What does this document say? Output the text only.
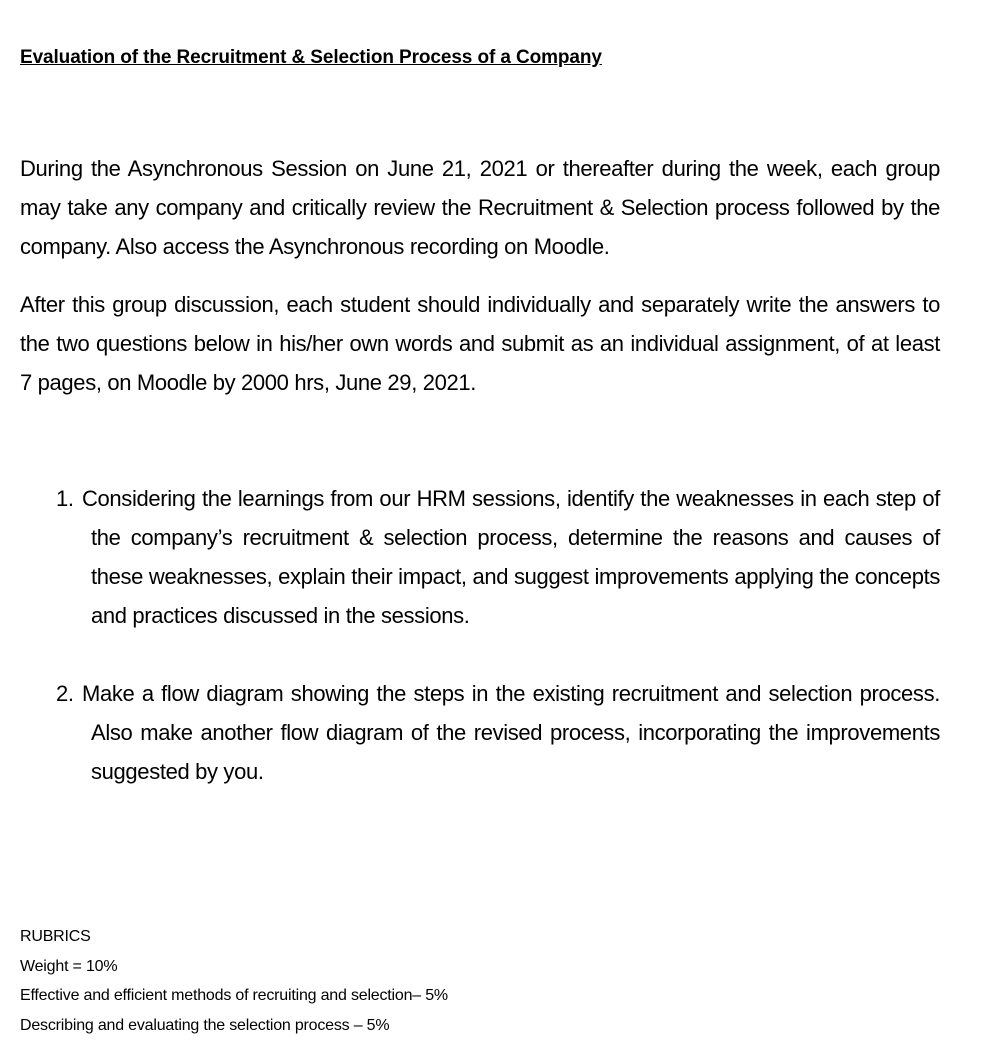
Evaluation of the Recruitment & Selection Process of a Company

During the Asynchronous Session on June 21, 2021 or thereafter during the week, each group may take any company and critically review the Recruitment & Selection process followed by the company. Also access the Asynchronous recording on Moodle.

After this group discussion, each student should individually and separately write the answers to the two questions below in his/her own words and submit as an individual assignment, of at least 7 pages, on Moodle by 2000 hrs, June 29, 2021.

1. Considering the learnings from our HRM sessions, identify the weaknesses in each step of the company’s recruitment & selection process, determine the reasons and causes of these weaknesses, explain their impact, and suggest improvements applying the concepts and practices discussed in the sessions.
2. Make a flow diagram showing the steps in the existing recruitment and selection process. Also make another flow diagram of the revised process, incorporating the improvements suggested by you.
RUBRICS
Weight = 10%
Effective and efficient methods of recruiting and selection– 5%
Describing and evaluating the selection process – 5%
